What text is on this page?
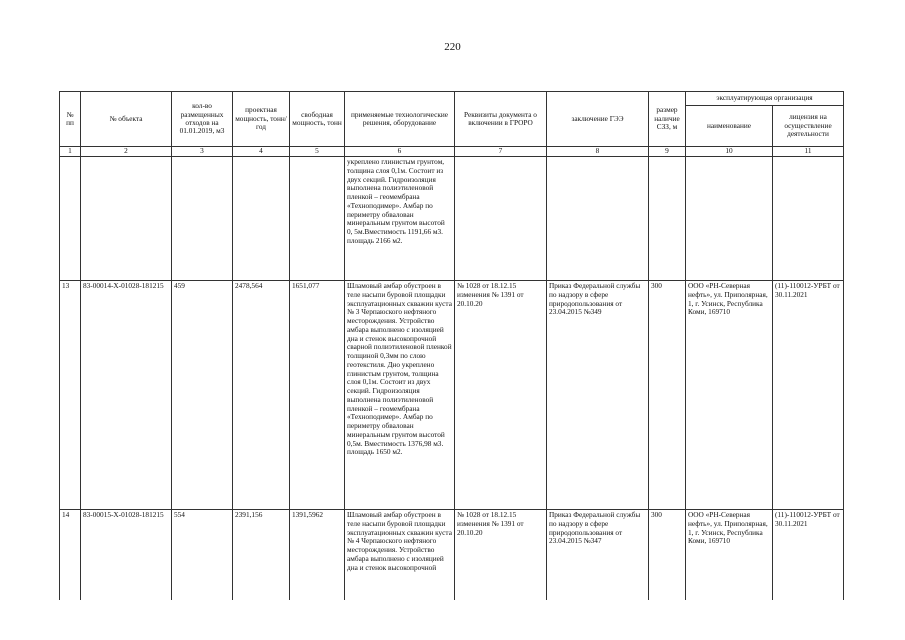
220
№ пп	№ объекта	кол-во размещенных отходов на 01.01.2019, м3	проектная мощность, тонн/год	свободная мощность, тонн	применяемые технологические решения, оборудование	Реквизиты документа о включении в ГРОРО	заключение ГЭЭ	размер наличие СЗЗ, м	эксплуатирующая организация	
									наименование	лицензия на осуществление деятельности
1	2	3	4	5	6	7	8	9	10	11
					укреплено глинистым грунтом, толщина слоя 0,1м. Состоит из двух секций. Гидроизоляция выполнена полиэтиленовой пленкой – геомембрана «Техноподимер». Амбар по периметру обвалован минеральным грунтом высотой 0, 5м.Вместимость 1191,66 м3. площадь 2166 м2.					
13	83-00014-Х-01028-181215	459	2478,564	1651,077	Шламовый амбар обустроен в теле насыпи буровой площадки эксплуатационных скважин куста № 3 Черпаюского нефтяного месторождения. Устройство амбара выполнено с изоляцией дна и стенок высокопрочной сварной полиэтиленовой пленкой толщиной 0,3мм по слою геотекстиля. Дно укреплено глинистым грунтом, толщина слоя 0,1м. Состоит из двух секций. Гидроизоляция выполнена полиэтиленовой пленкой – геомембрана «Техноподимер». Амбар по периметру обвалован минеральным грунтом высотой 0,5м. Вместимость 1376,98 м3. площадь 1650 м2.	№ 1028 от 18.12.15 изменения № 1391 от 20.10.20	Приказ Федеральной службы по надзору в сфере природопользования от 23.04.2015 №349	300	ООО «РН-Северная нефть», ул. Приполярная, 1, г. Усинск, Республика Коми, 169710	(11)-110012-УРБТ от 30.11.2021
14	83-00015-Х-01028-181215	554	2391,156	1391,5962	Шламовый амбар обустроен в теле насыпи буровой площадки эксплуатационных скважин куста № 4 Черпаюского нефтяного месторождения. Устройство амбара выполнено с изоляцией дна и стенок высокопрочной	№ 1028 от 18.12.15 изменения № 1391 от 20.10.20	Приказ Федеральной службы по надзору в сфере природопользования от 23.04.2015 №347	300	ООО «РН-Северная нефть», ул. Приполярная, 1, г. Усинск, Республика Коми, 169710	(11)-110012-УРБТ от 30.11.2021
